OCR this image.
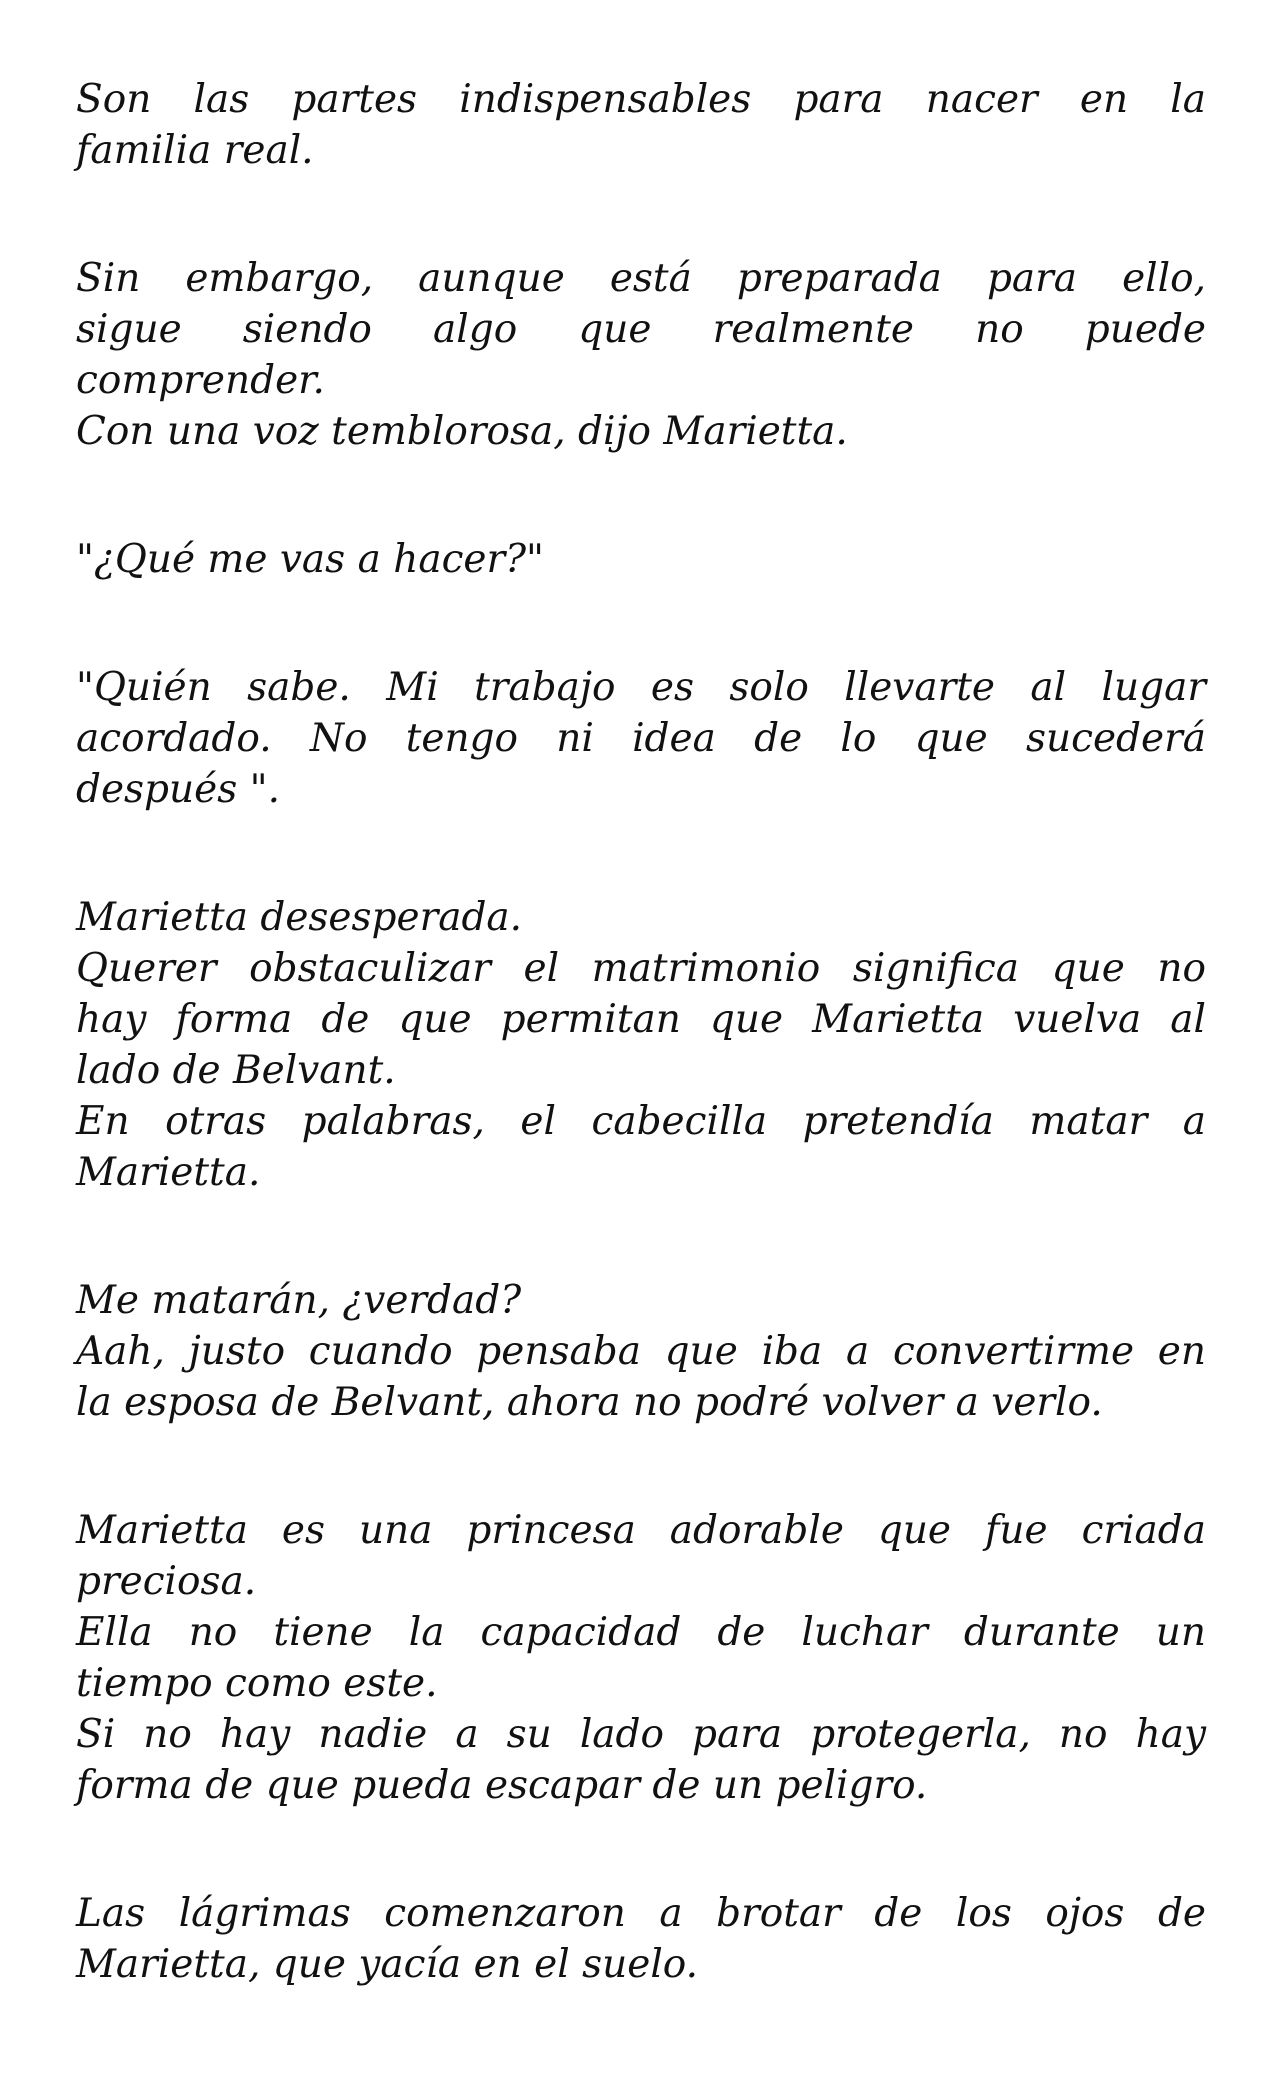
Son las partes indispensables para nacer en la
familia real.
Sin embargo, aunque está preparada para ello,
sigue siendo algo que realmente no puede
comprender.
Con una voz temblorosa, dijo Marietta.
"¿Qué me vas a hacer?"
"Quién sabe. Mi trabajo es solo llevarte al lugar
acordado. No tengo ni idea de lo que sucederá
después ".
Marietta desesperada.
Querer obstaculizar el matrimonio significa que no
hay forma de que permitan que Marietta vuelva al
lado de Belvant.
En otras palabras, el cabecilla pretendía matar a
Marietta.
Me matarán, ¿verdad?
Aah, justo cuando pensaba que iba a convertirme en
la esposa de Belvant, ahora no podré volver a verlo.
Marietta es una princesa adorable que fue criada
preciosa.
Ella no tiene la capacidad de luchar durante un
tiempo como este.
Si no hay nadie a su lado para protegerla, no hay
forma de que pueda escapar de un peligro.
Las lágrimas comenzaron a brotar de los ojos de
Marietta, que yacía en el suelo.
